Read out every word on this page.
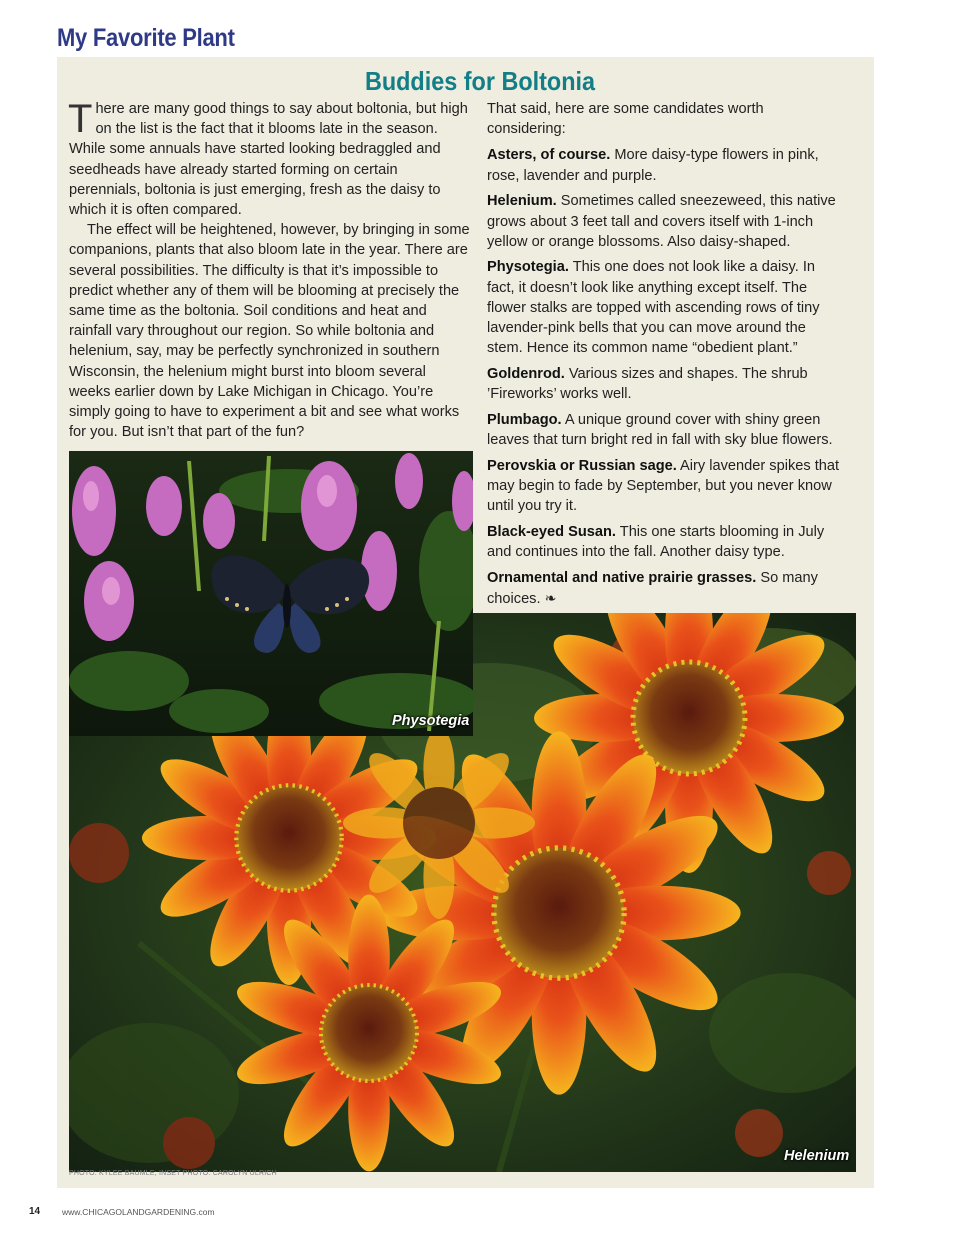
My Favorite Plant
Buddies for Boltonia

There are many good things to say about boltonia, but high on the list is the fact that it blooms late in the season. While some annuals have started looking bedraggled and seedheads have already started forming on certain perennials, boltonia is just emerging, fresh as the daisy to which it is often compared.

The effect will be heightened, however, by bringing in some companions, plants that also bloom late in the year. There are several possibilities. The difficulty is that it’s impossible to predict whether any of them will be blooming at precisely the same time as the boltonia. Soil conditions and heat and rainfall vary throughout our region. So while boltonia and helenium, say, may be perfectly synchronized in southern Wisconsin, the helenium might burst into bloom several weeks earlier down by Lake Michigan in Chicago. You’re simply going to have to experiment a bit and see what works for you. But isn’t that part of the fun?

That said, here are some candidates worth considering:

Asters, of course. More daisy-type flowers in pink, rose, lavender and purple.

Helenium. Sometimes called sneezeweed, this native grows about 3 feet tall and covers itself with 1-inch yellow or orange blossoms. Also daisy-shaped.

Physotegia. This one does not look like a daisy. In fact, it doesn’t look like anything except itself. The flower stalks are topped with ascending rows of tiny lavender-pink bells that you can move around the stem. Hence its common name “obedient plant.”

Goldenrod. Various sizes and shapes. The shrub ’Fireworks’ works well.

Plumbago. A unique ground cover with shiny green leaves that turn bright red in fall with sky blue flowers.

Perovskia or Russian sage. Airy lavender spikes that may begin to fade by September, but you never know until you try it.

Black-eyed Susan. This one starts blooming in July and continues into the fall. Another daisy type.

Ornamental and native prairie grasses. So many choices. ❧

Physotegia
Helenium
PHOTO: KYLEE BAUMLE; INSET PHOTO: CAROLYN ULRICH
14	www.CHICAGOLANDGARDENING.com
